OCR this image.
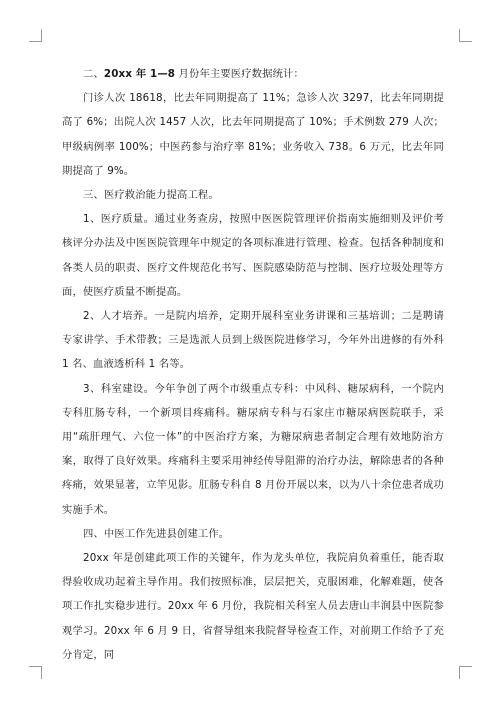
二、20xx 年 1—8 月份年主要医疗数据统计：

门诊人次 18618，比去年同期提高了 11%；急诊人次 3297，比去年同期提高了 6%；出院人次 1457 人次，比去年同期提高了 10%；手术例数 279 人次；甲级病例率 100%；中医药参与治疗率 81%；业务收入 738。6 万元，比去年同期提高了 9%。

三、医疗救治能力提高工程。

1、医疗质量。通过业务查房，按照中医医院管理评价指南实施细则及评价考核评分办法及中医医院管理年中规定的各项标准进行管理、检查。包括各种制度和各类人员的职责、医疗文件规范化书写、医院感染防范与控制、医疗垃圾处理等方面，使医疗质量不断提高。

2、人才培养。一是院内培养，定期开展科室业务讲课和三基培训；二是聘请专家讲学、手术带教；三是选派人员到上级医院进修学习，今年外出进修的有外科 1 名、血液透析科 1 名等。

3、科室建设。今年争创了两个市级重点专科：中风科、糖尿病科，一个院内专科肛肠专科，一个新项目疼痛科。糖尿病专科与石家庄市糖尿病医院联手，采用“疏肝理气、六位一体”的中医治疗方案，为糖尿病患者制定合理有效地防治方案，取得了良好效果。疼痛科主要采用神经传导阻滞的治疗办法，解除患者的各种疼痛，效果显著，立竿见影。肛肠专科自 8 月份开展以来，以为八十余位患者成功实施手术。

四、中医工作先进县创建工作。

20xx 年是创建此项工作的关键年，作为龙头单位，我院肩负着重任，能否取得验收成功起着主导作用。我们按照标准，层层把关，克服困难，化解难题，使各项工作扎实稳步进行。20xx 年 6 月份，我院相关科室人员去唐山丰润县中医院参观学习。20xx 年 6 月 9 日，省督导组来我院督导检查工作，对前期工作给予了充分肯定，同
